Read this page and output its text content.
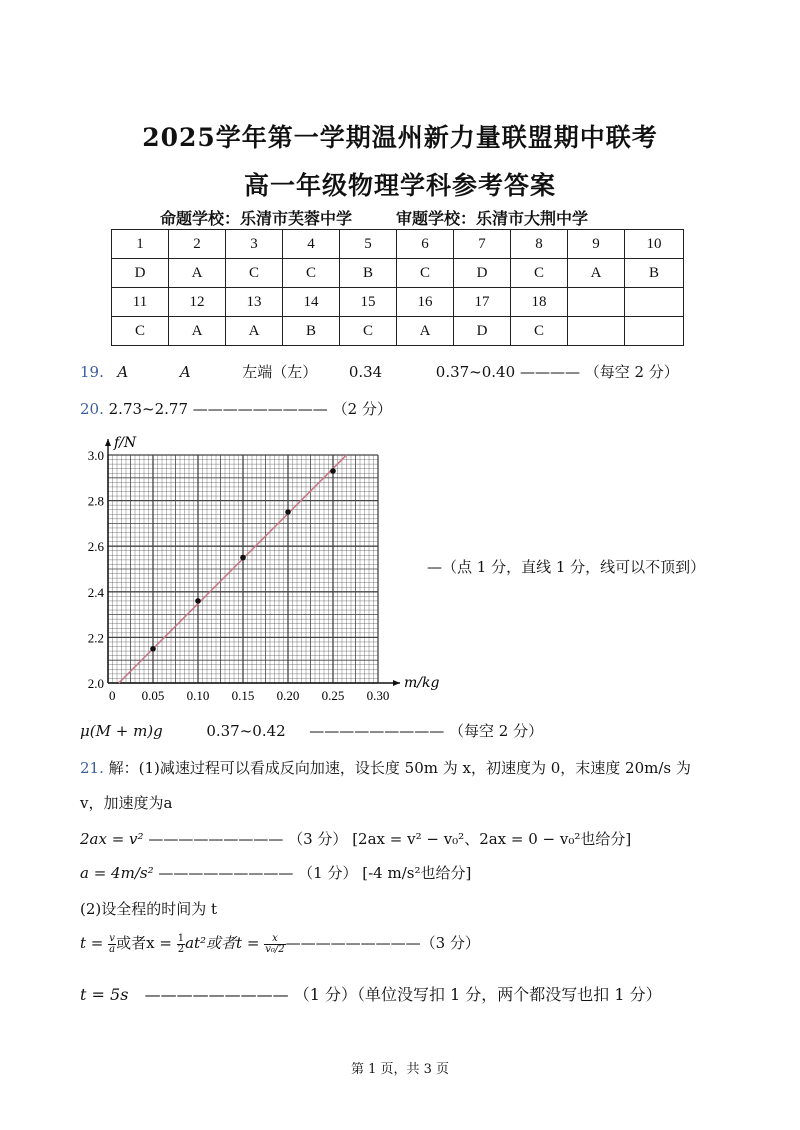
2025学年第一学期温州新力量联盟期中联考
高一年级物理学科参考答案
命题学校：乐清市芙蓉中学	审题学校：乐清市大荆中学
1	2	3	4	5	6	7	8	9	10
D	A	C	C	B	C	D	C	A	B
11	12	13	14	15	16	17	18		
C	A	A	B	C	A	D	C		
19. A	A	左端（左） 0.34	0.37~0.40 ———— （每空 2 分）
20. 2.73~2.77 ————————— （2 分）
m/kg
f/N
0 0.05 0.10 0.15 0.20 0.25 0.30
2.0
2.2
2.4
2.6
2.8
3.0
—（点 1 分，直线 1 分，线可以不顶到）
μ(M + m)g	0.37~0.42 ————————— （每空 2 分）
21. 解：(1)减速过程可以看成反向加速，设长度 50m 为 x，初速度为 0，末速度 20m/s 为
v，加速度为a
2ax = v² ————————— （3 分） [2ax = v² − v₀²、2ax = 0 − v₀²也给分]
a = 4m/s² ————————— （1 分） [-4 m/s²也给分]
(2)设全程的时间为 t
$t = \frac{v}{a}$ 或者$x = \frac{1}{2} at^2$或者$t = \frac{x}{\text{v₀/2}}$ —————————（3 分）
t = 5s ————————— （1 分）（单位没写扣 1 分，两个都没写也扣 1 分）
第 1 页，共 3 页
